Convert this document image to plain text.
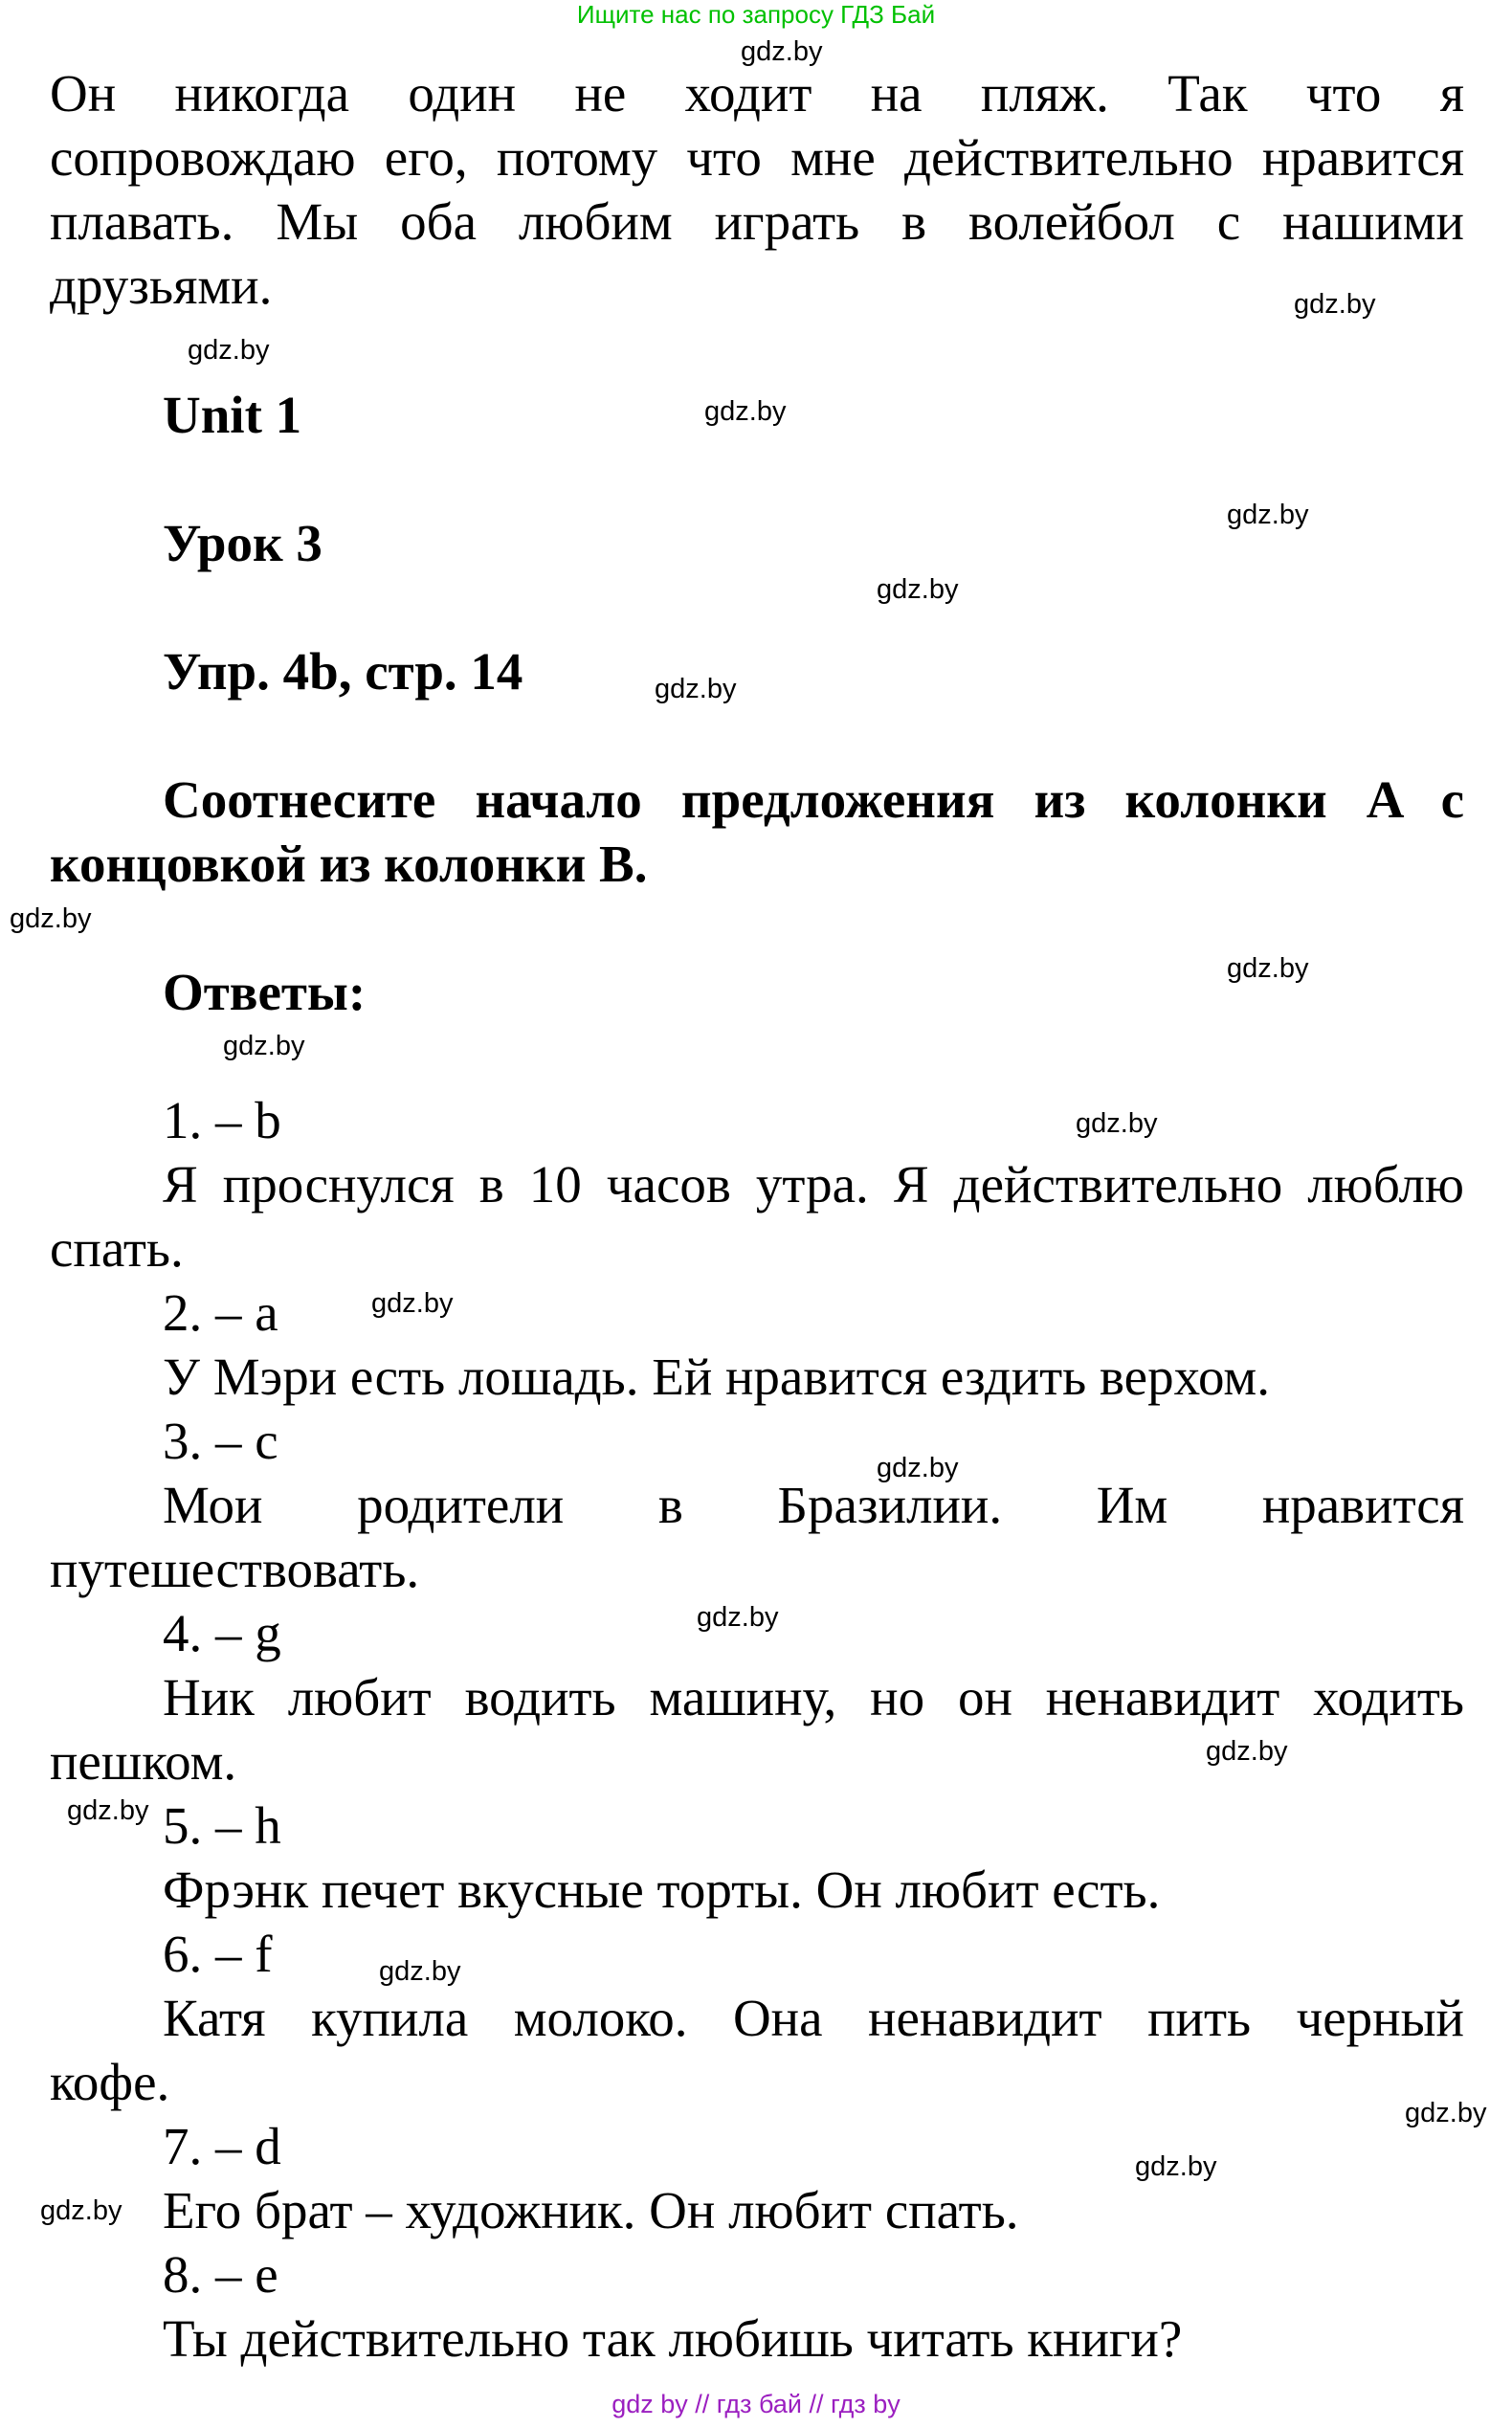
Ищите нас по запросу ГДЗ Бай
gdz.by
gdz.by
gdz.by
gdz.by
gdz.by
gdz.by
gdz.by
gdz.by
gdz.by
gdz.by
gdz.by
gdz.by
gdz.by
gdz.by
gdz.by
gdz.by
gdz.by
gdz.by
gdz.by
gdz.by
Он никогда один не ходит на пляж. Так что я
сопровождаю его, потому что мне действительно нравится
плавать. Мы оба любим играть в волейбол с нашими
друзьями.
Unit 1
Урок 3
Упр. 4b, стр. 14
Соотнесите начало предложения из колонки A с
концовкой из колонки B.
Ответы:
1. – b
Я проснулся в 10 часов утра. Я действительно люблю
спать.
2. – a
У Мэри есть лошадь. Ей нравится ездить верхом.
3. – c
Мои родители в Бразилии. Им нравится
путешествовать.
4. – g
Ник любит водить машину, но он ненавидит ходить
пешком.
5. – h
Фрэнк печет вкусные торты. Он любит есть.
6. – f
Катя купила молоко. Она ненавидит пить черный
кофе.
7. – d
Его брат – художник. Он любит спать.
8. – e
Ты действительно так любишь читать книги?
gdz by // гдз бай // гдз by
